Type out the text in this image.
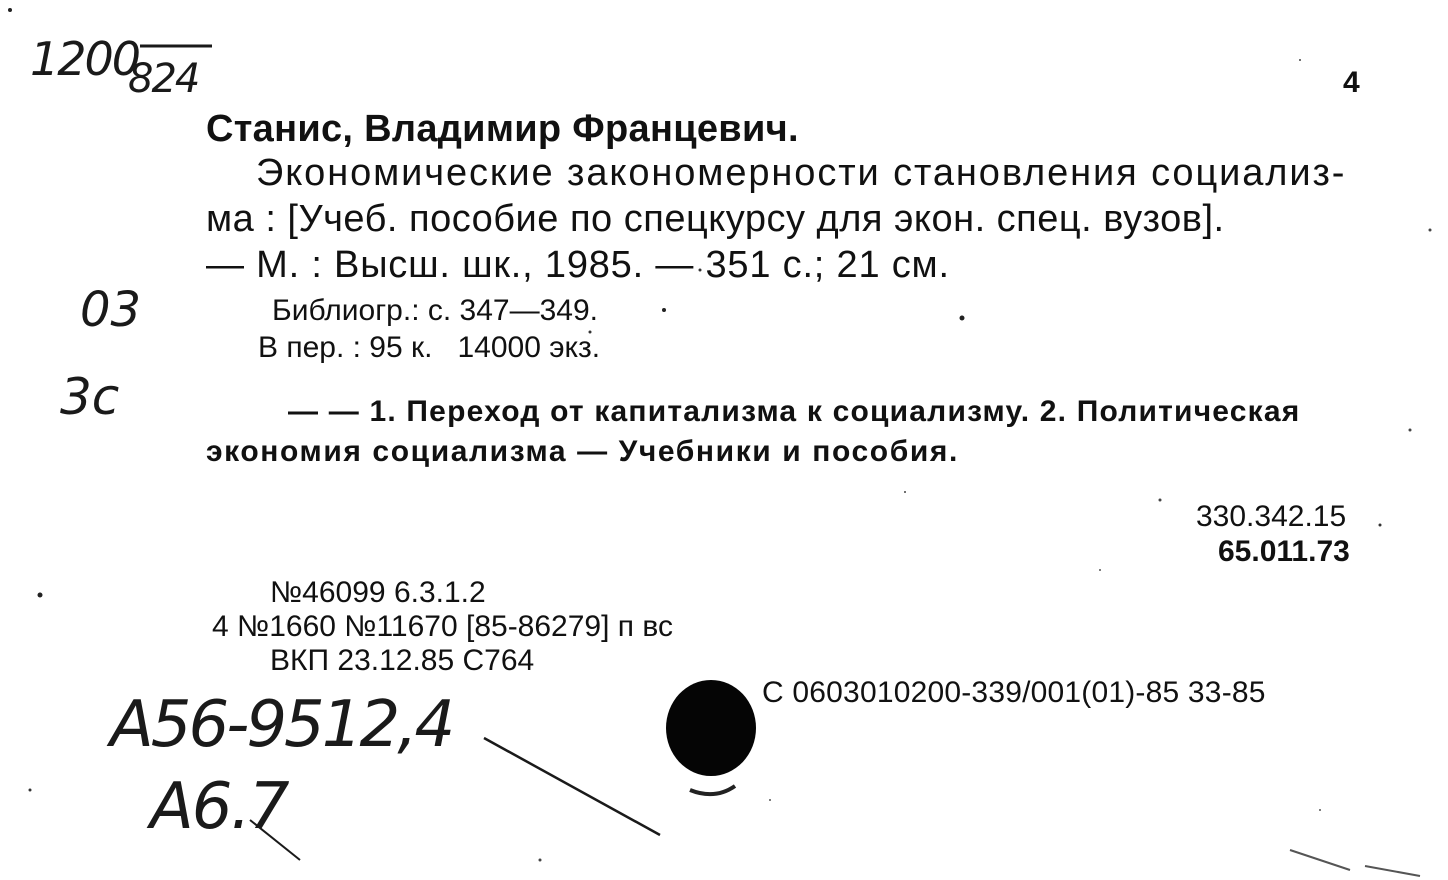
1200
824
03
3с
А56-9512,4
А6.7
4
Станис, Владимир Францевич.
Экономические закономерности становления социализ-
ма : [Учеб. пособие по спецкурсу для экон. спец. вузов].
— М. : Высш. шк., 1985. — 351 с.; 21 см.
Библиогр.: с. 347—349.
В пер. : 95 к.   14000 экз.
— — 1. Переход от капитализма к социализму. 2. Политическая
экономия социализма — Учебники и пособия.
330.342.15
65.011.73
№46099 6.3.1.2
4 №1660 №11670 [85-86279] п вс
ВКП 23.12.85 С764
С 0603010200-339/001(01)-85 33-85
